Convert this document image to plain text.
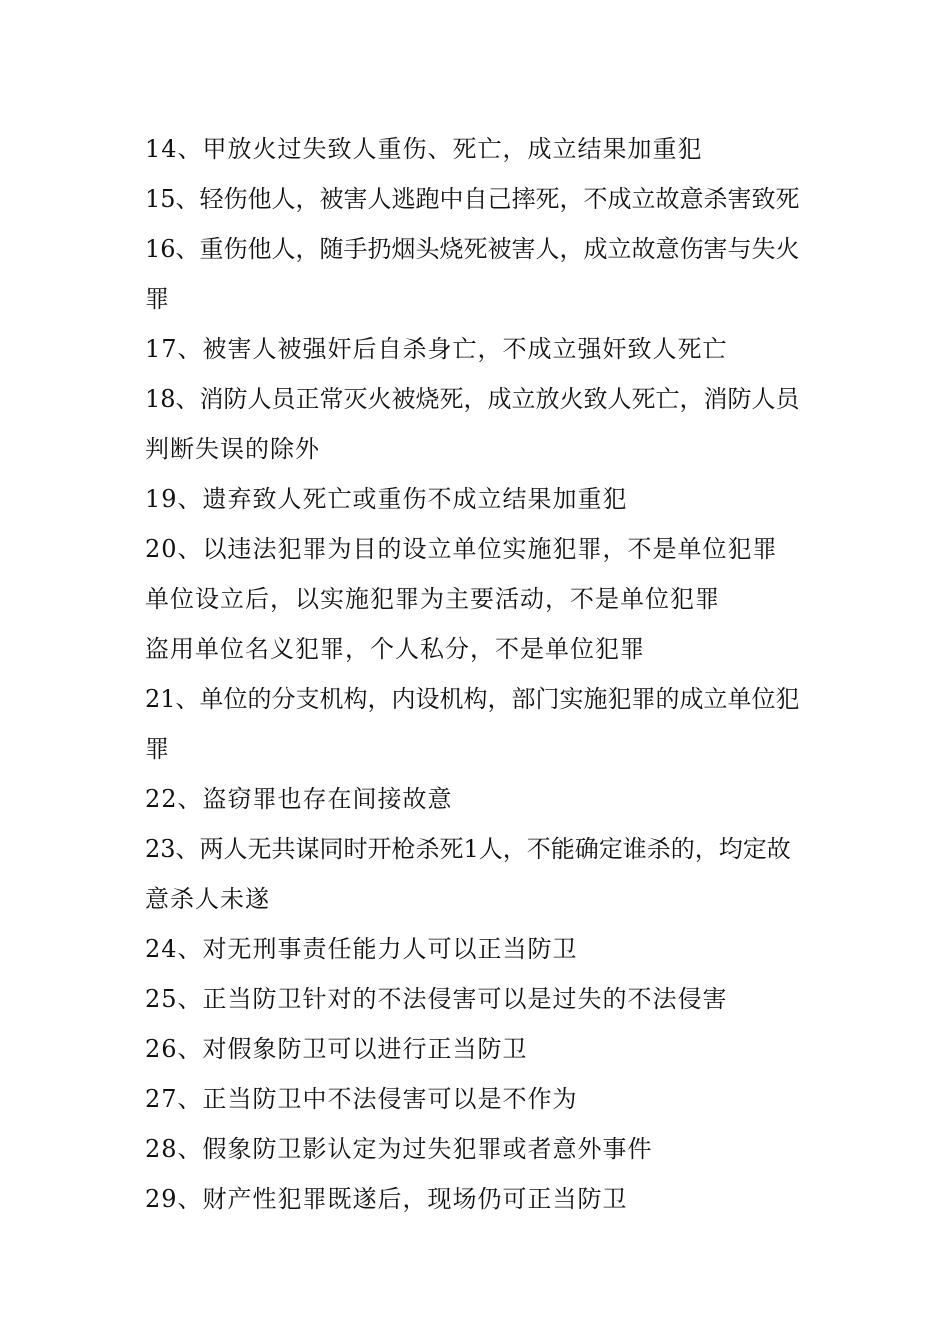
14、甲放火过失致人重伤、死亡，成立结果加重犯
15、轻伤他人，被害人逃跑中自己摔死，不成立故意杀害致死
16、重伤他人，随手扔烟头烧死被害人，成立故意伤害与失火
罪
17、被害人被强奸后自杀身亡，不成立强奸致人死亡
18、消防人员正常灭火被烧死，成立放火致人死亡，消防人员
判断失误的除外
19、遗弃致人死亡或重伤不成立结果加重犯
20、以违法犯罪为目的设立单位实施犯罪，不是单位犯罪
单位设立后，以实施犯罪为主要活动，不是单位犯罪
盗用单位名义犯罪，个人私分，不是单位犯罪
21、单位的分支机构，内设机构，部门实施犯罪的成立单位犯
罪
22、盗窃罪也存在间接故意
23、两人无共谋同时开枪杀死1人，不能确定谁杀的，均定故
意杀人未遂
24、对无刑事责任能力人可以正当防卫
25、正当防卫针对的不法侵害可以是过失的不法侵害
26、对假象防卫可以进行正当防卫
27、正当防卫中不法侵害可以是不作为
28、假象防卫影认定为过失犯罪或者意外事件
29、财产性犯罪既遂后，现场仍可正当防卫
